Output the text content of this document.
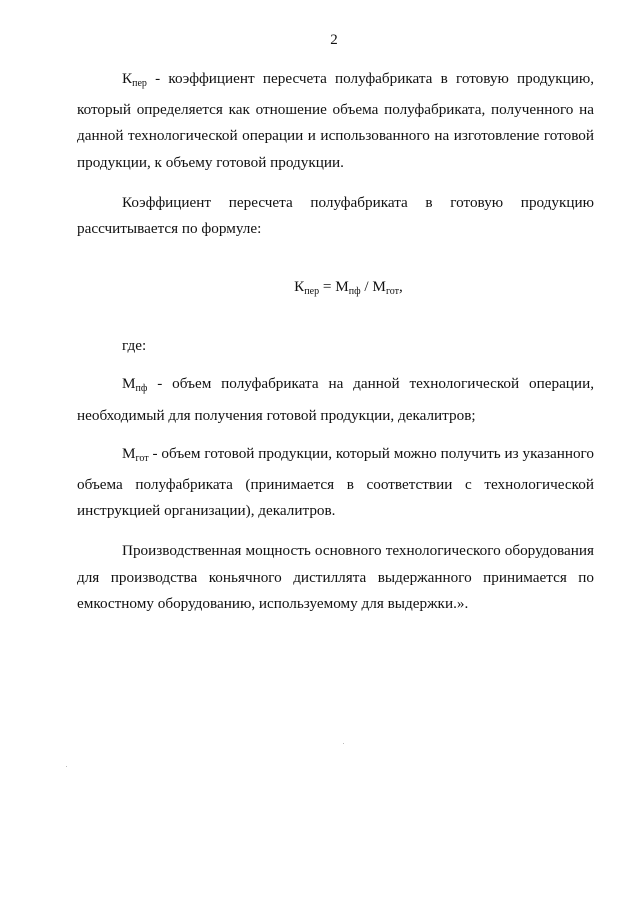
2

$К_{пер}$ - коэффициент пересчета полуфабриката в готовую продукцию, который определяется как отношение объема полуфабриката, полученного на данной технологической операции и использованного на изготовление готовой продукции, к объему готовой продукции.

Коэффициент пересчета полуфабриката в готовую продукцию рассчитывается по формуле:

$К_{пер} = М_{пф} / М_{гот}$,

где:

$М_{пф}$ - объем полуфабриката на данной технологической операции, необходимый для получения готовой продукции, декалитров;

$М_{гот}$ - объем готовой продукции, который можно получить из указанного объема полуфабриката (принимается в соответствии с технологической инструкцией организации), декалитров.

Производственная мощность основного технологического оборудования для производства коньячного дистиллята выдержанного принимается по емкостному оборудованию, используемому для выдержки.».
